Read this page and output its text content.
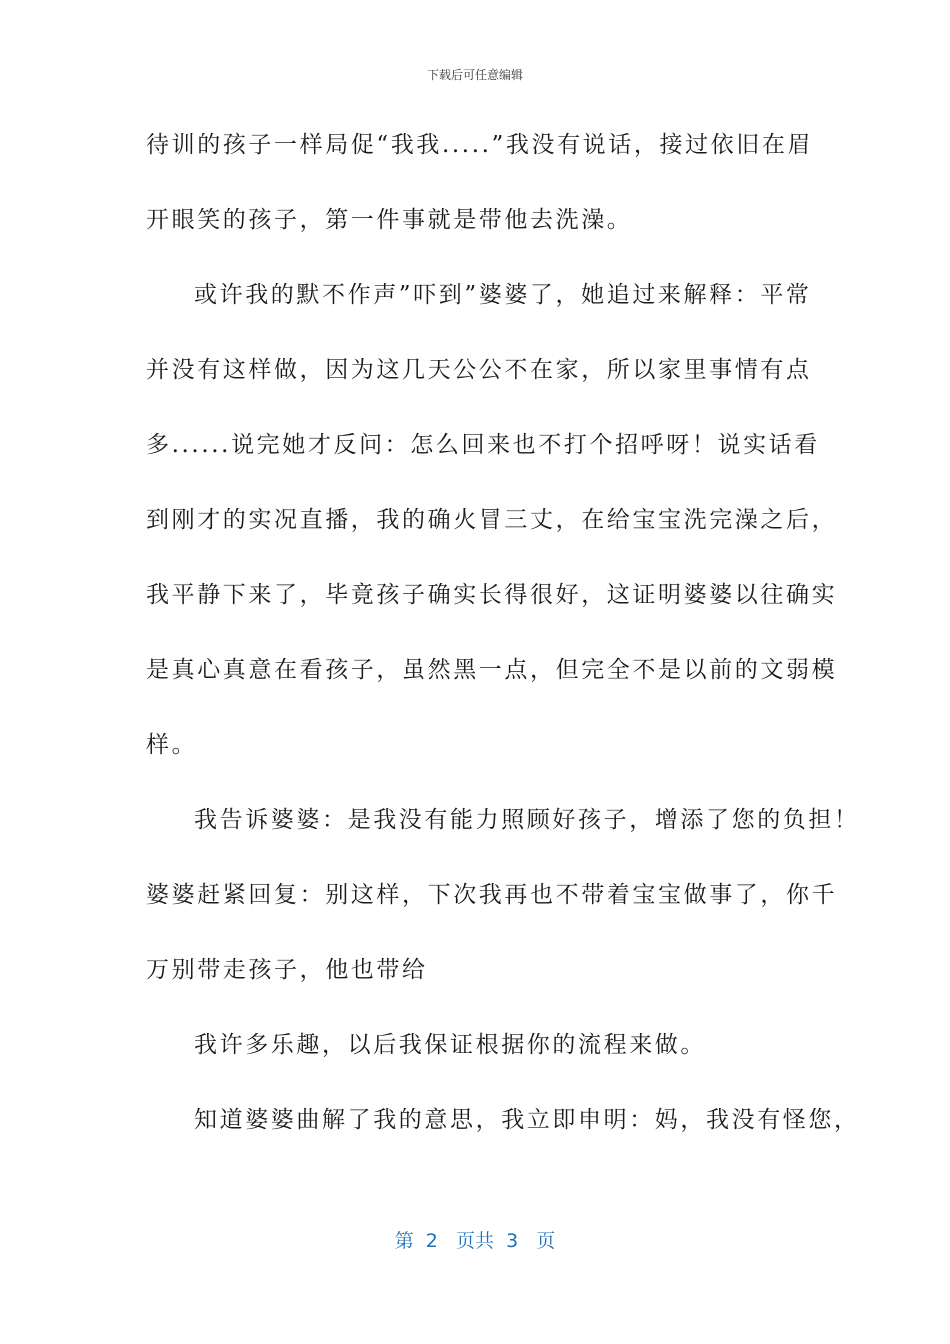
下载后可任意编辑
待训的孩子一样局促“我我.....”我没有说话，接过依旧在眉
开眼笑的孩子，第一件事就是带他去洗澡。
或许我的默不作声”吓到”婆婆了，她追过来解释：平常
并没有这样做，因为这几天公公不在家，所以家里事情有点
多......说完她才反问：怎么回来也不打个招呼呀！说实话看
到刚才的实况直播，我的确火冒三丈，在给宝宝洗完澡之后，
我平静下来了，毕竟孩子确实长得很好，这证明婆婆以往确实
是真心真意在看孩子，虽然黑一点，但完全不是以前的文弱模
样。
我告诉婆婆：是我没有能力照顾好孩子，增添了您的负担！
婆婆赶紧回复：别这样，下次我再也不带着宝宝做事了，你千
万别带走孩子，他也带给
我许多乐趣，以后我保证根据你的流程来做。
知道婆婆曲解了我的意思，我立即申明：妈，我没有怪您，
第  2   页共  3   页
